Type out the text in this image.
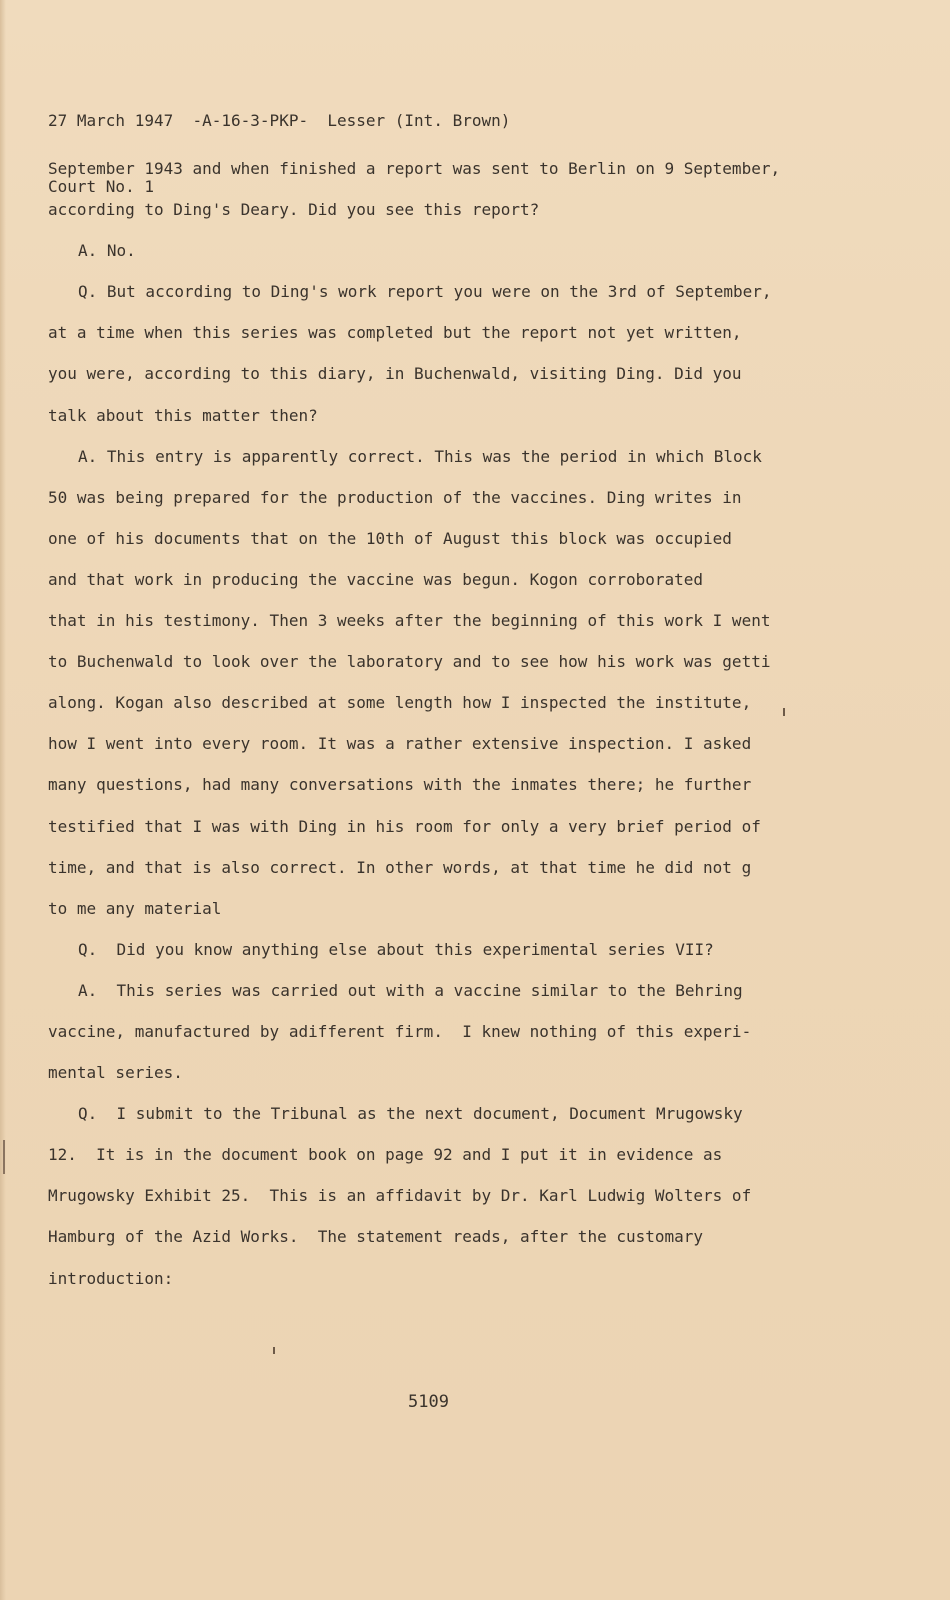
27 March 1947  -A-16-3-PKP-  Lesser (Int. Brown)

Court No. 1

September 1943 and when finished a report was sent to Berlin on 9 September,
according to Ding's Deary. Did you see this report?
A. No.
Q. But according to Ding's work report you were on the 3rd of September,
at a time when this series was completed but the report not yet written,
you were, according to this diary, in Buchenwald, visiting Ding. Did you
talk about this matter then?
A. This entry is apparently correct. This was the period in which Block
50 was being prepared for the production of the vaccines. Ding writes in
one of his documents that on the 10th of August this block was occupied
and that work in producing the vaccine was begun. Kogon corroborated
that in his testimony. Then 3 weeks after the beginning of this work I went
to Buchenwald to look over the laboratory and to see how his work was getti
along. Kogan also described at some length how I inspected the institute,
how I went into every room. It was a rather extensive inspection. I asked
many questions, had many conversations with the inmates there; he further
testified that I was with Ding in his room for only a very brief period of
time, and that is also correct. In other words, at that time he did not g
to me any material
Q.  Did you know anything else about this experimental series VII?
A.  This series was carried out with a vaccine similar to the Behring
vaccine, manufactured by adifferent firm.  I knew nothing of this experi-
mental series.
Q.  I submit to the Tribunal as the next document, Document Mrugowsky
12.  It is in the document book on page 92 and I put it in evidence as
Mrugowsky Exhibit 25.  This is an affidavit by Dr. Karl Ludwig Wolters of
Hamburg of the Azid Works.  The statement reads, after the customary
introduction:
5109
